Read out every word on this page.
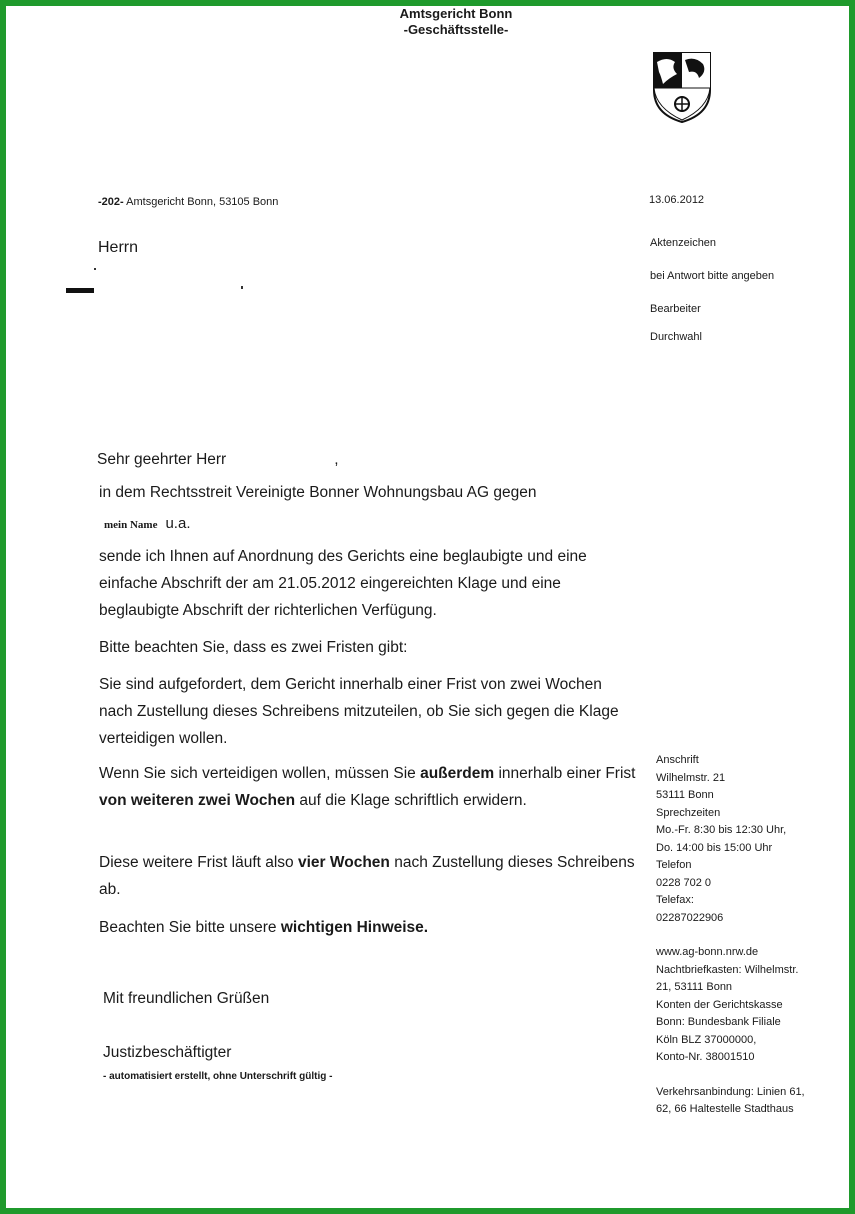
Amtsgericht Bonn
-Geschäftsstelle-
-202- Amtsgericht Bonn, 53105 Bonn	13.06.2012
Herrn	Aktenzeichen
bei Antwort bitte angeben
Bearbeiter
Durchwahl
Sehr geehrter Herr	,
in dem Rechtsstreit Vereinigte Bonner Wohnungsbau AG gegen
mein Name u.a.
sende ich Ihnen auf Anordnung des Gerichts eine beglaubigte und eine einfache Abschrift der am 21.05.2012 eingereichten Klage und eine beglaubigte Abschrift der richterlichen Verfügung.
Bitte beachten Sie, dass es zwei Fristen gibt:
Sie sind aufgefordert, dem Gericht innerhalb einer Frist von zwei Wochen nach Zustellung dieses Schreibens mitzuteilen, ob Sie sich gegen die Klage verteidigen wollen.
Wenn Sie sich verteidigen wollen, müssen Sie außerdem innerhalb einer Frist von weiteren zwei Wochen auf die Klage schriftlich erwidern.
Diese weitere Frist läuft also vier Wochen nach Zustellung dieses Schreibens ab.
Beachten Sie bitte unsere wichtigen Hinweise.
Mit freundlichen Grüßen
Justizbeschäftigter
- automatisiert erstellt, ohne Unterschrift gültig -
Anschrift
Wilhelmstr. 21
53111 Bonn
Sprechzeiten
Mo.-Fr. 8:30 bis 12:30 Uhr,
Do. 14:00 bis 15:00 Uhr
Telefon
0228 702 0
Telefax:
02287022906
www.ag-bonn.nrw.de
Nachtbriefkasten: Wilhelmstr.
21, 53111 Bonn
Konten der Gerichtskasse
Bonn: Bundesbank Filiale
Köln BLZ 37000000,
Konto-Nr. 38001510
Verkehrsanbindung: Linien 61,
62, 66 Haltestelle Stadthaus
